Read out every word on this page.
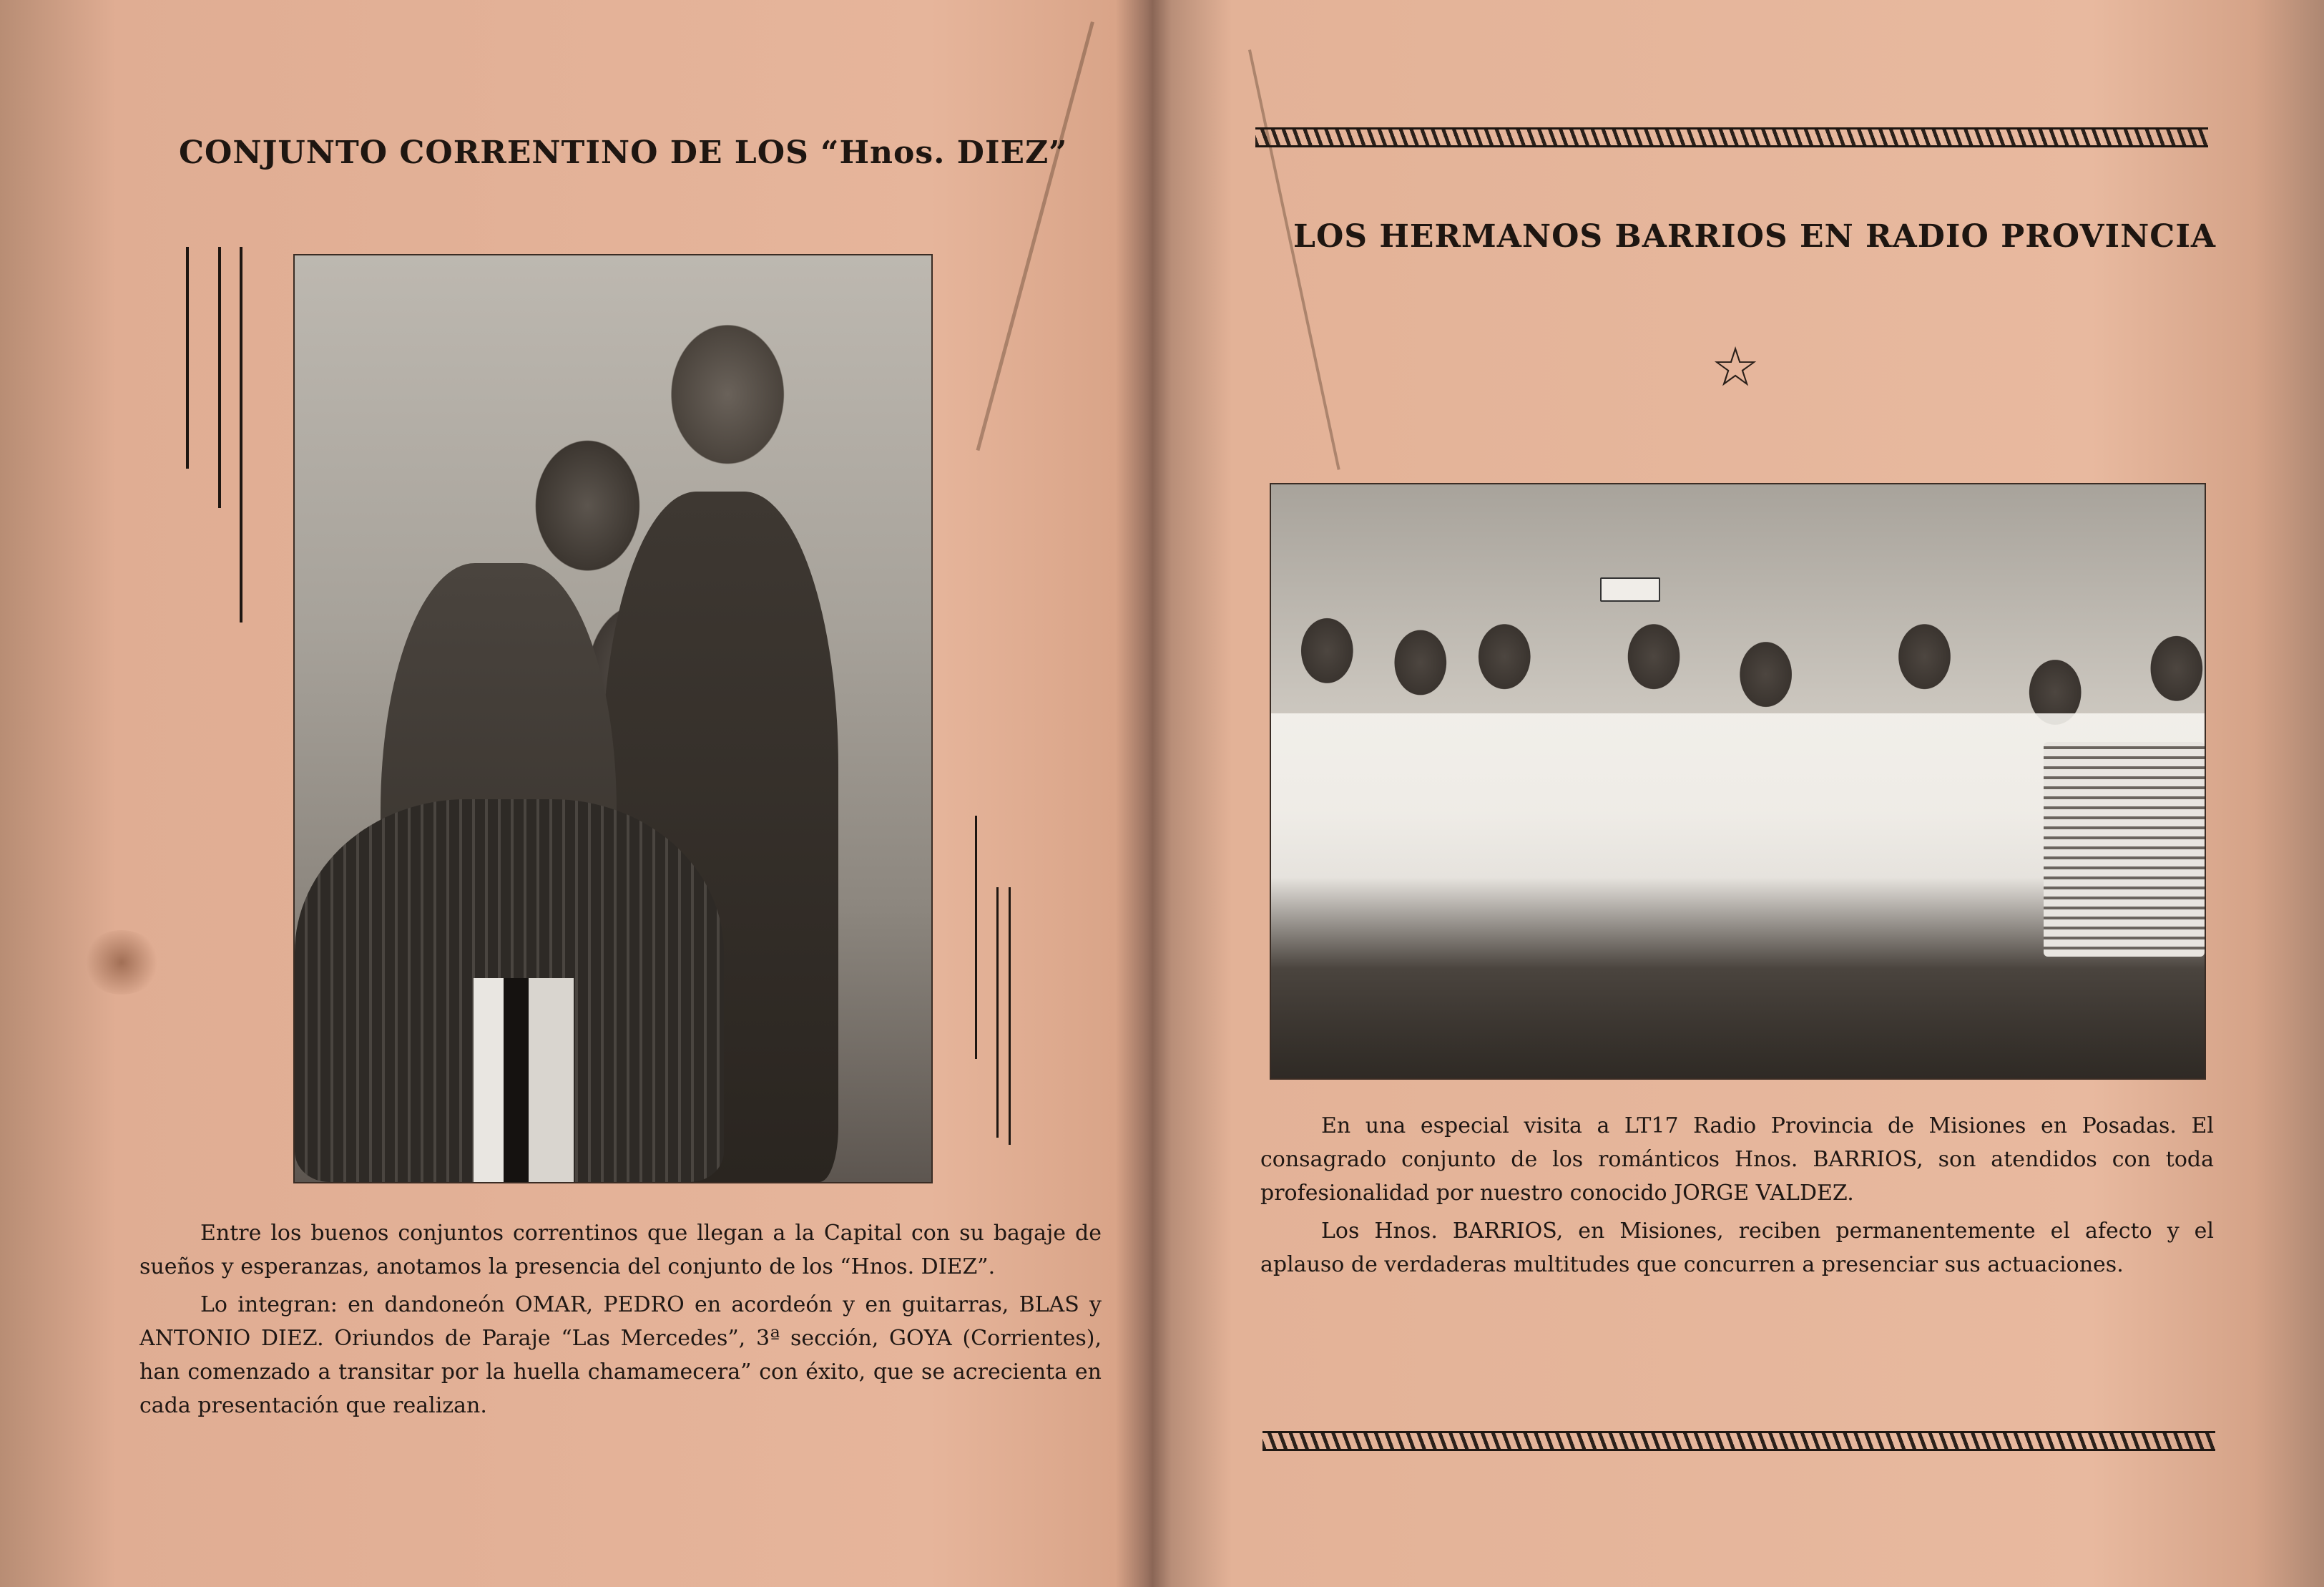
CONJUNTO CORRENTINO DE LOS “Hnos. DIEZ”

Entre los buenos conjuntos correntinos que llegan a la Capital con su bagaje de sueños y esperanzas, anotamos la presencia del conjunto de los “Hnos. DIEZ”.

Lo integran: en dandoneón OMAR, PEDRO en acordeón y en guitarras, BLAS y ANTONIO DIEZ. Oriundos de Paraje “Las Mercedes”, 3ª sección, GOYA (Corrientes), han comenzado a transitar por la huella chamamecera” con éxito, que se acrecienta en cada presentación que realizan.

LOS HERMANOS BARRIOS EN RADIO PROVINCIA
☆

En una especial visita a LT17 Radio Provincia de Misiones en Posadas. El consagrado conjunto de los románticos Hnos. BARRIOS, son atendidos con toda profesionalidad por nuestro conocido JORGE VALDEZ.

Los Hnos. BARRIOS, en Misiones, reciben permanentemente el afecto y el aplauso de verdaderas multitudes que concurren a presenciar sus actuaciones.
